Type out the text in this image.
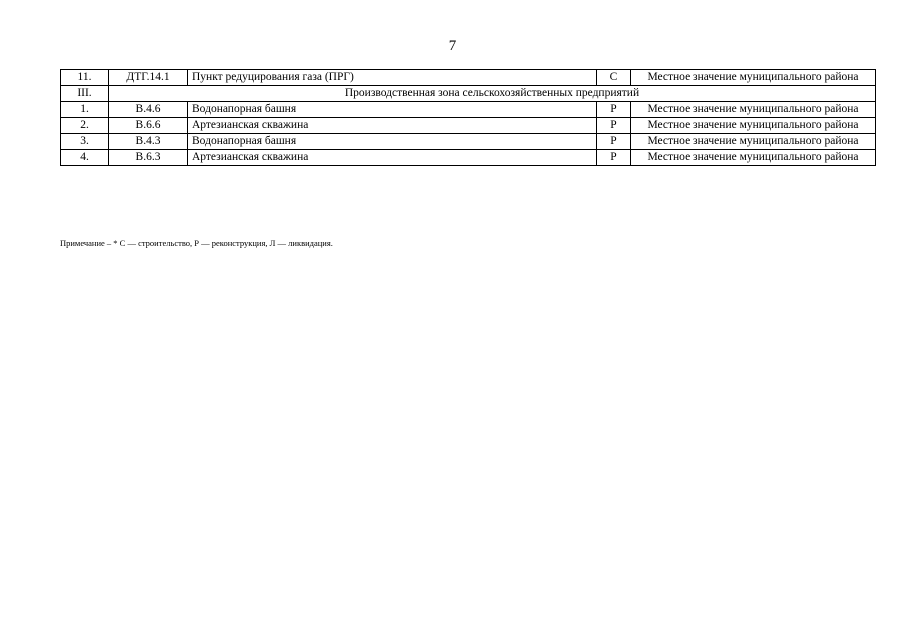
7
11.	ДТГ.14.1	Пункт редуцирования газа (ПРГ)	С	Местное значение муниципального района
III.	Производственная зона сельскохозяйственных предприятий			
1.	В.4.6	Водонапорная башня	Р	Местное значение муниципального района
2.	В.6.6	Артезианская скважина	Р	Местное значение муниципального района
3.	В.4.3	Водонапорная башня	Р	Местное значение муниципального района
4.	В.6.3	Артезианская скважина	Р	Местное значение муниципального района
Примечание – * С — строительство, Р — реконструкция, Л — ликвидация.
